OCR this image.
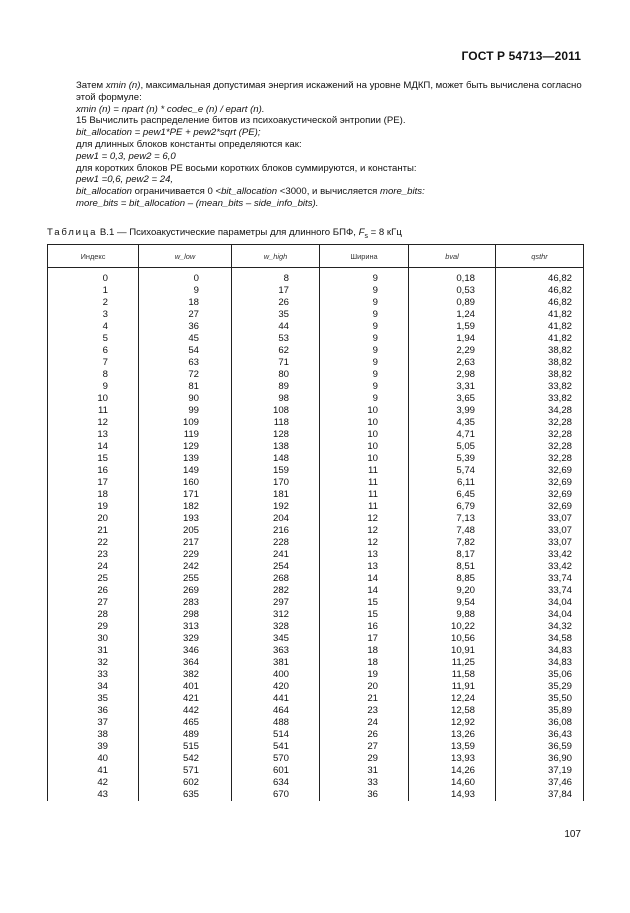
ГОСТ Р 54713—2011

Затем xmin (n), максимальная допустимая энергия искажений на уровне МДКП, может быть вычислена согласно этой формуле:

xmin (n) = npart (n) * codec_e (n) / epart (n).

15 Вычислить распределение битов из психоакустической энтропии (PE).

bit_allocation = pew1*PE + pew2*sqrt (PE);

для длинных блоков константы определяются как:

pew1 = 0,3, pew2 = 6,0

для коротких блоков PE восьми коротких блоков суммируются, и константы:

pew1 =0,6, pew2 = 24,

bit_allocation ограничивается 0 <bit_allocation <3000, и вычисляется more_bits:

more_bits = bit_allocation – (mean_bits – side_info_bits).

Таблица В.1 — Психоакустические параметры для длинного БПФ, $F_s = 8$ кГц
Индекс	w_low	w_high	Ширина	bval	qsthr
0	0	8	9	0,18	46,82
1	9	17	9	0,53	46,82
2	18	26	9	0,89	46,82
3	27	35	9	1,24	41,82
4	36	44	9	1,59	41,82
5	45	53	9	1,94	41,82
6	54	62	9	2,29	38,82
7	63	71	9	2,63	38,82
8	72	80	9	2,98	38,82
9	81	89	9	3,31	33,82
10	90	98	9	3,65	33,82
11	99	108	10	3,99	34,28
12	109	118	10	4,35	32,28
13	119	128	10	4,71	32,28
14	129	138	10	5,05	32,28
15	139	148	10	5,39	32,28
16	149	159	11	5,74	32,69
17	160	170	11	6,11	32,69
18	171	181	11	6,45	32,69
19	182	192	11	6,79	32,69
20	193	204	12	7,13	33,07
21	205	216	12	7,48	33,07
22	217	228	12	7,82	33,07
23	229	241	13	8,17	33,42
24	242	254	13	8,51	33,42
25	255	268	14	8,85	33,74
26	269	282	14	9,20	33,74
27	283	297	15	9,54	34,04
28	298	312	15	9,88	34,04
29	313	328	16	10,22	34,32
30	329	345	17	10,56	34,58
31	346	363	18	10,91	34,83
32	364	381	18	11,25	34,83
33	382	400	19	11,58	35,06
34	401	420	20	11,91	35,29
35	421	441	21	12,24	35,50
36	442	464	23	12,58	35,89
37	465	488	24	12,92	36,08
38	489	514	26	13,26	36,43
39	515	541	27	13,59	36,59
40	542	570	29	13,93	36,90
41	571	601	31	14,26	37,19
42	602	634	33	14,60	37,46
43	635	670	36	14,93	37,84
107
